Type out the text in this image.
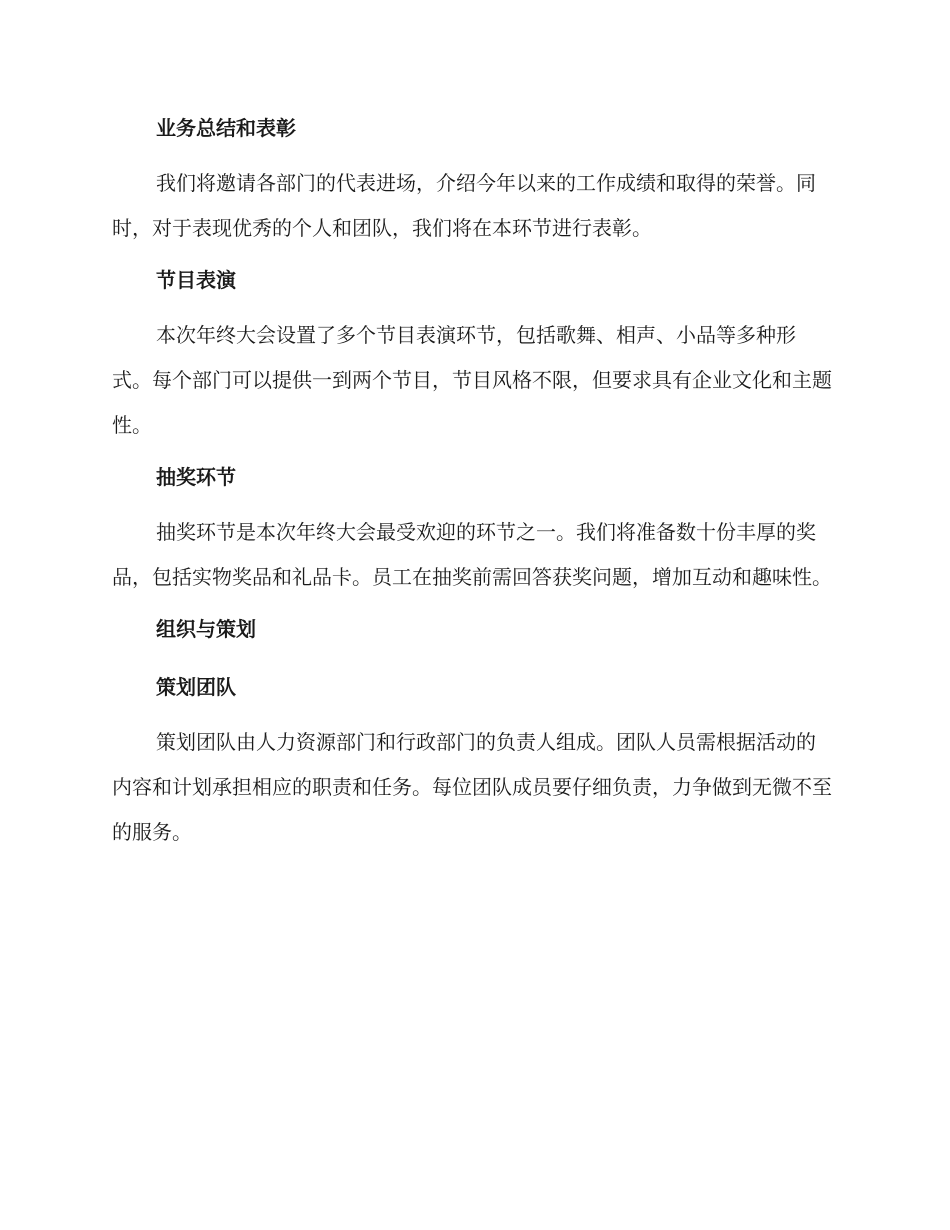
业务总结和表彰

我们将邀请各部门的代表进场，介绍今年以来的工作成绩和取得的荣誉。同时，对于表现优秀的个人和团队，我们将在本环节进行表彰。

节目表演

本次年终大会设置了多个节目表演环节，包括歌舞、相声、小品等多种形式。每个部门可以提供一到两个节目，节目风格不限，但要求具有企业文化和主题性。

抽奖环节

抽奖环节是本次年终大会最受欢迎的环节之一。我们将准备数十份丰厚的奖品，包括实物奖品和礼品卡。员工在抽奖前需回答获奖问题，增加互动和趣味性。

组织与策划
策划团队

策划团队由人力资源部门和行政部门的负责人组成。团队人员需根据活动的内容和计划承担相应的职责和任务。每位团队成员要仔细负责，力争做到无微不至的服务。
